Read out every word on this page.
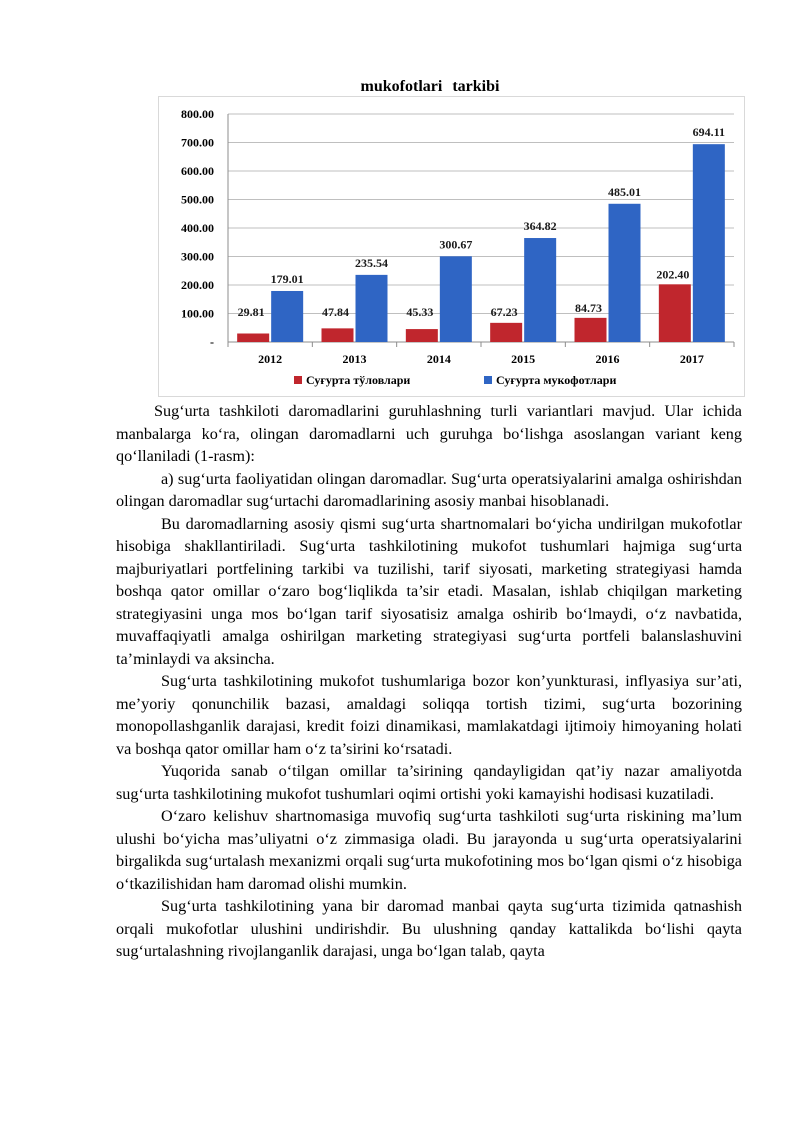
mukofotlari tarkibi
-
100.00
200.00
300.00
400.00
500.00
600.00
700.00
800.00
2012
29.81
179.01
2013
47.84
235.54
2014
45.33
300.67
2015
67.23
364.82
2016
84.73
485.01
2017
202.40
694.11
Суғурта тўловлари	Суғурта мукофотлари

Sug‘urta tashkiloti daromadlarini guruhlashning turli variantlari mavjud. Ular ichida manbalarga ko‘ra, olingan daromadlarni uch guruhga bo‘lishga asoslangan variant keng qo‘llaniladi (1-rasm):

a) sug‘urta faoliyatidan olingan daromadlar. Sug‘urta operatsiyalarini amalga oshirishdan olingan daromadlar sug‘urtachi daromadlarining asosiy manbai hisoblanadi.

Bu daromadlarning asosiy qismi sug‘urta shartnomalari bo‘yicha undirilgan mukofotlar hisobiga shakllantiriladi. Sug‘urta tashkilotining mukofot tushumlari hajmiga sug‘urta majburiyatlari portfelining tarkibi va tuzilishi, tarif siyosati, marketing strategiyasi hamda boshqa qator omillar o‘zaro bog‘liqlikda ta’sir etadi. Masalan, ishlab chiqilgan marketing strategiyasini unga mos bo‘lgan tarif siyosatisiz amalga oshirib bo‘lmaydi, o‘z navbatida, muvaffaqiyatli amalga oshirilgan marketing strategiyasi sug‘urta portfeli balanslashuvini ta’minlaydi va aksincha.

Sug‘urta tashkilotining mukofot tushumlariga bozor kon’yunkturasi, inflyasiya sur’ati, me’yoriy qonunchilik bazasi, amaldagi soliqqa tortish tizimi, sug‘urta bozorining monopollashganlik darajasi, kredit foizi dinamikasi, mamlakatdagi ijtimoiy himoyaning holati va boshqa qator omillar ham o‘z ta’sirini ko‘rsatadi.

Yuqorida sanab o‘tilgan omillar ta’sirining qandayligidan qat’iy nazar amaliyotda sug‘urta tashkilotining mukofot tushumlari oqimi ortishi yoki kamayishi hodisasi kuzatiladi.

O‘zaro kelishuv shartnomasiga muvofiq sug‘urta tashkiloti sug‘urta riskining ma’lum ulushi bo‘yicha mas’uliyatni o‘z zimmasiga oladi. Bu jarayonda u sug‘urta operatsiyalarini birgalikda sug‘urtalash mexanizmi orqali sug‘urta mukofotining mos bo‘lgan qismi o‘z hisobiga o‘tkazilishidan ham daromad olishi mumkin.

Sug‘urta tashkilotining yana bir daromad manbai qayta sug‘urta tizimida qatnashish orqali mukofotlar ulushini undirishdir. Bu ulushning qanday kattalikda bo‘lishi qayta sug‘urtalashning rivojlanganlik darajasi, unga bo‘lgan talab, qayta
